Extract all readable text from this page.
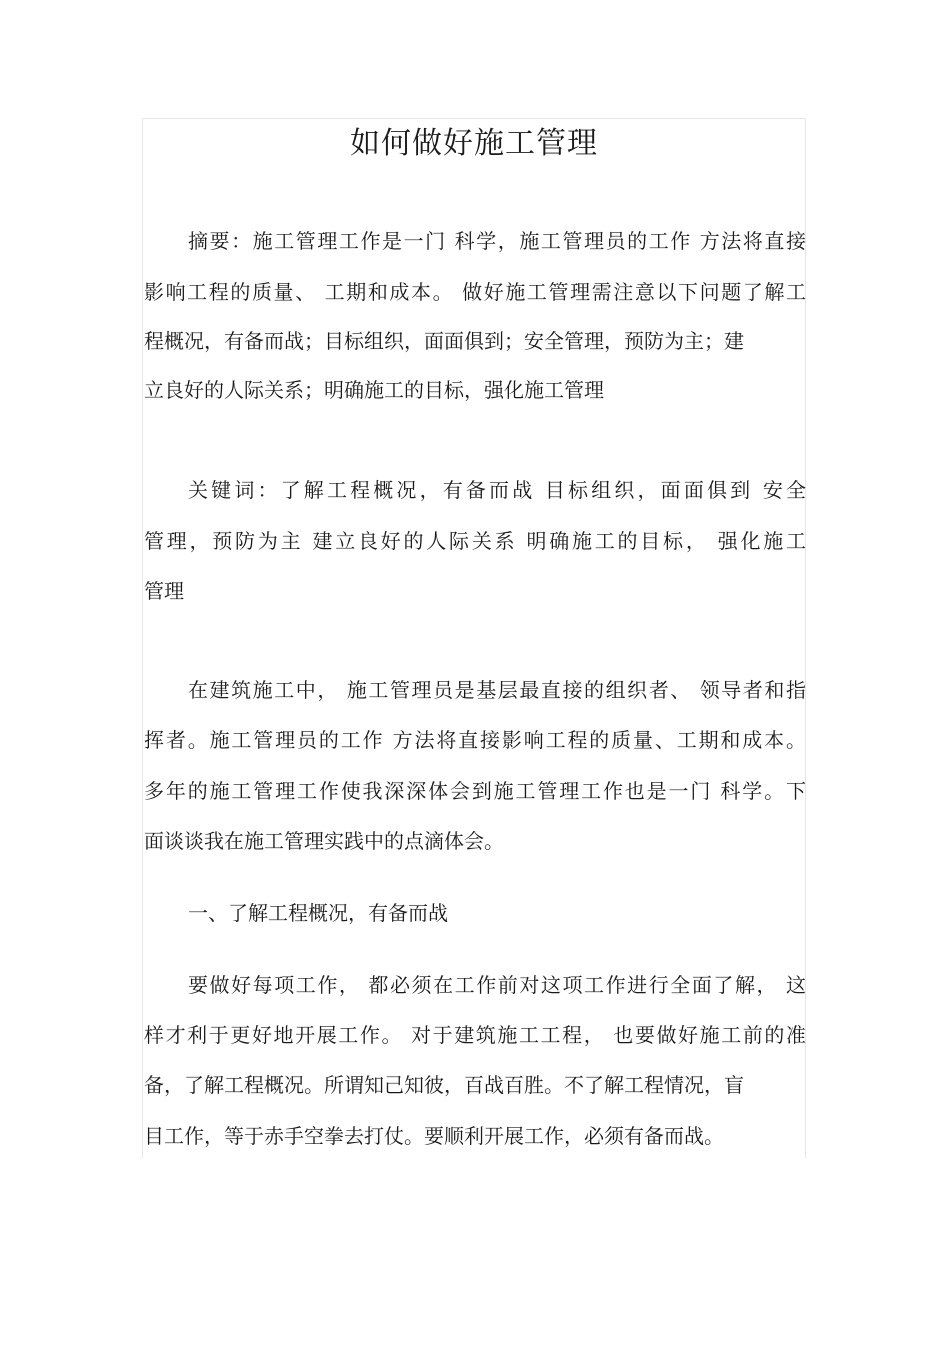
如何做好施工管理
摘要：施工管理工作是一门 科学，施工管理员的工作 方法将直接
影响工程的质量、 工期和成本。 做好施工管理需注意以下问题了解工
程概况，有备而战；目标组织，面面俱到；安全管理，预防为主；建
立良好的人际关系；明确施工的目标，强化施工管理
关键词：了解工程概况，有备而战 目标组织，面面俱到 安全
管理，预防为主 建立良好的人际关系 明确施工的目标， 强化施工
管理
在建筑施工中， 施工管理员是基层最直接的组织者、 领导者和指
挥者。施工管理员的工作 方法将直接影响工程的质量、工期和成本。
多年的施工管理工作使我深深体会到施工管理工作也是一门 科学。下
面谈谈我在施工管理实践中的点滴体会。
一、了解工程概况，有备而战
要做好每项工作， 都必须在工作前对这项工作进行全面了解， 这
样才利于更好地开展工作。 对于建筑施工工程， 也要做好施工前的准
备，了解工程概况。所谓知己知彼，百战百胜。不了解工程情况，盲
目工作，等于赤手空拳去打仗。要顺利开展工作，必须有备而战。
